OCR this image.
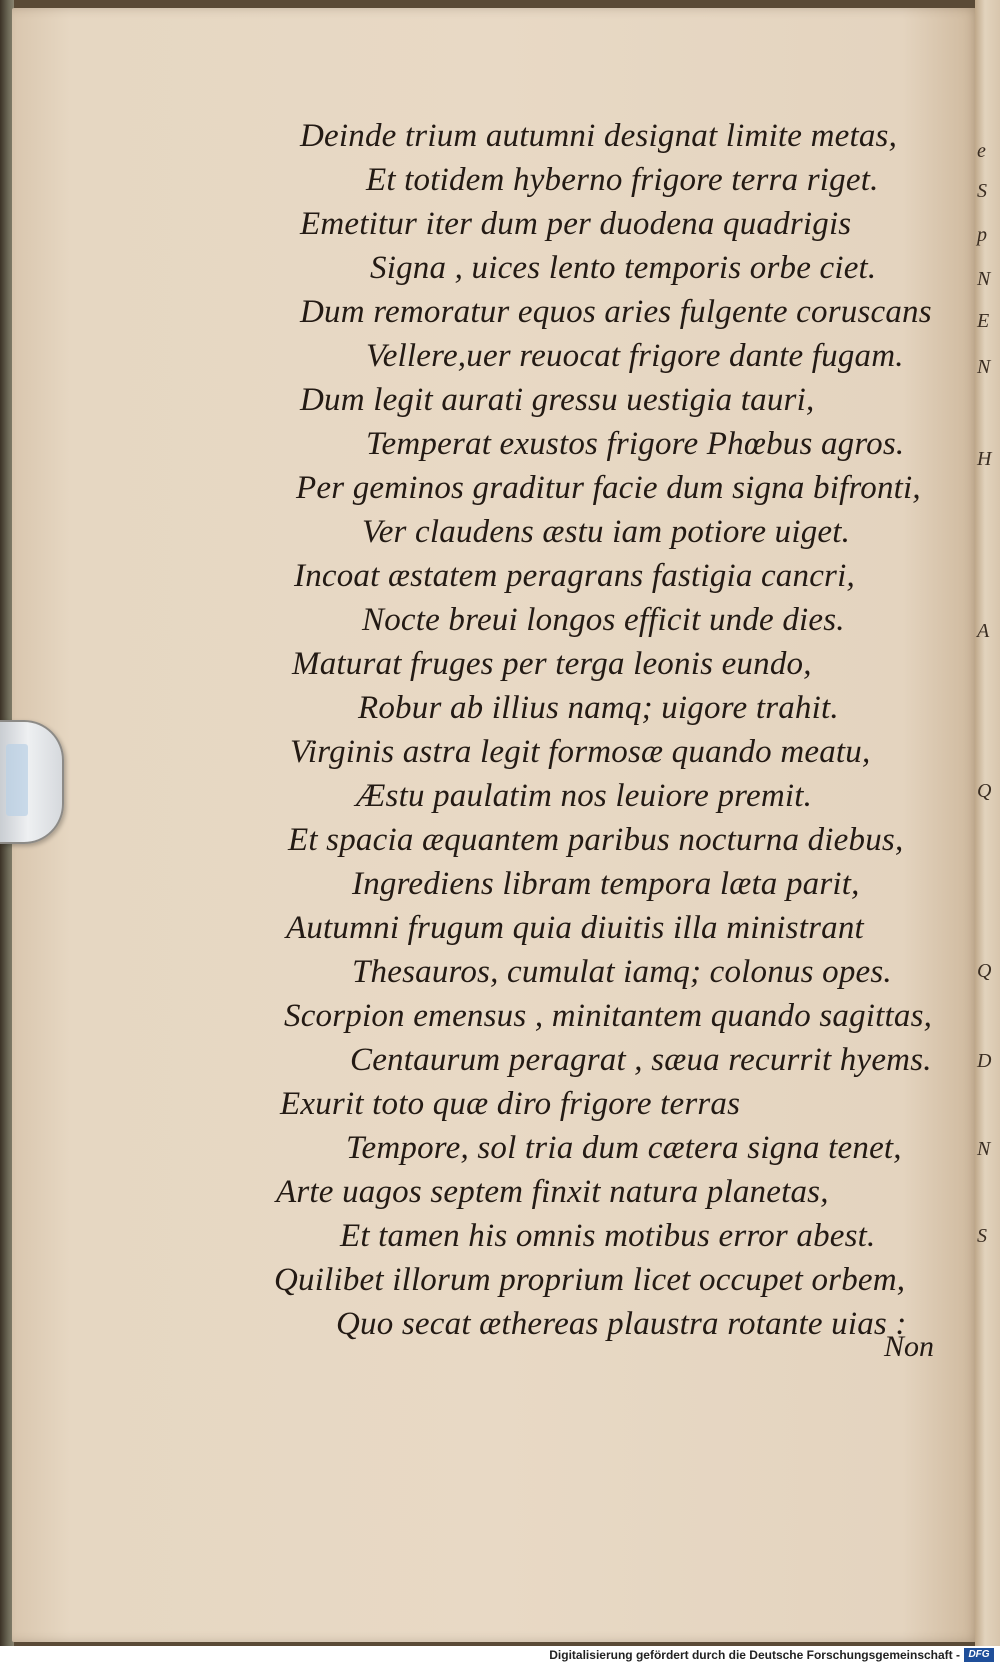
e
S
p
N
E
N
H
A
Q
Q
D
N
S
Deinde trium autumni designat limite metas,
Et totidem hyberno frigore terra riget.
Emetitur iter dum per duodena quadrigis
Signa , uices lento temporis orbe ciet.
Dum remoratur equos aries fulgente coruscans
Vellere,uer reuocat frigore dante fugam.
Dum legit aurati gressu uestigia tauri,
Temperat exustos frigore Phœbus agros.
Per geminos graditur facie dum signa bifronti,
Ver claudens æstu iam potiore uiget.
Incoat æstatem peragrans fastigia cancri,
Nocte breui longos efficit unde dies.
Maturat fruges per terga leonis eundo,
Robur ab illius namq; uigore trahit.
Virginis astra legit formosæ quando meatu,
Æstu paulatim nos leuiore premit.
Et spacia æquantem paribus nocturna diebus,
Ingrediens libram tempora læta parit,
Autumni frugum quia diuitis illa ministrant
Thesauros, cumulat iamq; colonus opes.
Scorpion emensus , minitantem quando sagittas,
Centaurum peragrat , sæua recurrit hyems.
Exurit toto quæ diro frigore terras
Tempore, sol tria dum cætera signa tenet,
Arte uagos septem finxit natura planetas,
Et tamen his omnis motibus error abest.
Quilibet illorum proprium licet occupet orbem,
Quo secat æthereas plaustra rotante uias :
Non
Digitalisierung gefördert durch die Deutsche Forschungsgemeinschaft - DFG
